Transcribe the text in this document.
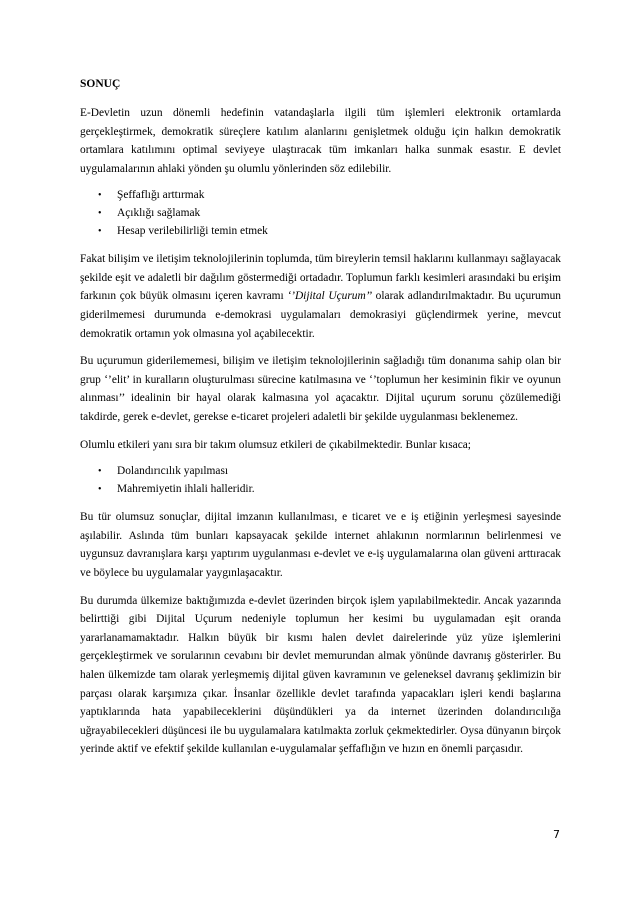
SONUÇ

E-Devletin uzun dönemli hedefinin vatandaşlarla ilgili tüm işlemleri elektronik ortamlarda gerçekleştirmek, demokratik süreçlere katılım alanlarını genişletmek olduğu için halkın demokratik ortamlara katılımını optimal seviyeye ulaştıracak tüm imkanları halka sunmak esastır. E devlet uygulamalarının ahlaki yönden şu olumlu yönlerinden söz edilebilir.

• Şeffaflığı arttırmak
• Açıklığı sağlamak
• Hesap verilebilirliği temin etmek

Fakat bilişim ve iletişim teknolojilerinin toplumda, tüm bireylerin temsil haklarını kullanmayı sağlayacak şekilde eşit ve adaletli bir dağılım göstermediği ortadadır. Toplumun farklı kesimleri arasındaki bu erişim farkının çok büyük olmasını içeren kavramı ‘’Dijital Uçurum’’ olarak adlandırılmaktadır. Bu uçurumun giderilmemesi durumunda e-demokrasi uygulamaları demokrasiyi güçlendirmek yerine, mevcut demokratik ortamın yok olmasına yol açabilecektir.

Bu uçurumun giderilememesi, bilişim ve iletişim teknolojilerinin sağladığı tüm donanıma sahip olan bir grup ‘’elit’ in kuralların oluşturulması sürecine katılmasına ve ‘’toplumun her kesiminin fikir ve oyunun alınması’’ idealinin bir hayal olarak kalmasına yol açacaktır. Dijital uçurum sorunu çözülemediği takdirde, gerek e-devlet, gerekse e-ticaret projeleri adaletli bir şekilde uygulanması beklenemez.

Olumlu etkileri yanı sıra bir takım olumsuz etkileri de çıkabilmektedir. Bunlar kısaca;

• Dolandırıcılık yapılması
• Mahremiyetin ihlali halleridir.

Bu tür olumsuz sonuçlar, dijital imzanın kullanılması, e ticaret ve e iş etiğinin yerleşmesi sayesinde aşılabilir. Aslında tüm bunları kapsayacak şekilde internet ahlakının normlarının belirlenmesi ve uygunsuz davranışlara karşı yaptırım uygulanması e-devlet ve e-iş uygulamalarına olan güveni arttıracak ve böylece bu uygulamalar yaygınlaşacaktır.

Bu durumda ülkemize baktığımızda e-devlet üzerinden birçok işlem yapılabilmektedir. Ancak yazarında belirttiği gibi Dijital Uçurum nedeniyle toplumun her kesimi bu uygulamadan eşit oranda yararlanamamaktadır. Halkın büyük bir kısmı halen devlet dairelerinde yüz yüze işlemlerini gerçekleştirmek ve sorularının cevabını bir devlet memurundan almak yönünde davranış gösterirler. Bu halen ülkemizde tam olarak yerleşmemiş dijital güven kavramının ve geleneksel davranış şeklimizin bir parçası olarak karşımıza çıkar. İnsanlar özellikle devlet tarafında yapacakları işleri kendi başlarına yaptıklarında hata yapabileceklerini düşündükleri ya da internet üzerinden dolandırıcılığa uğrayabilecekleri düşüncesi ile bu uygulamalara katılmakta zorluk çekmektedirler. Oysa dünyanın birçok yerinde aktif ve efektif şekilde kullanılan e-uygulamalar şeffaflığın ve hızın en önemli parçasıdır.

7
